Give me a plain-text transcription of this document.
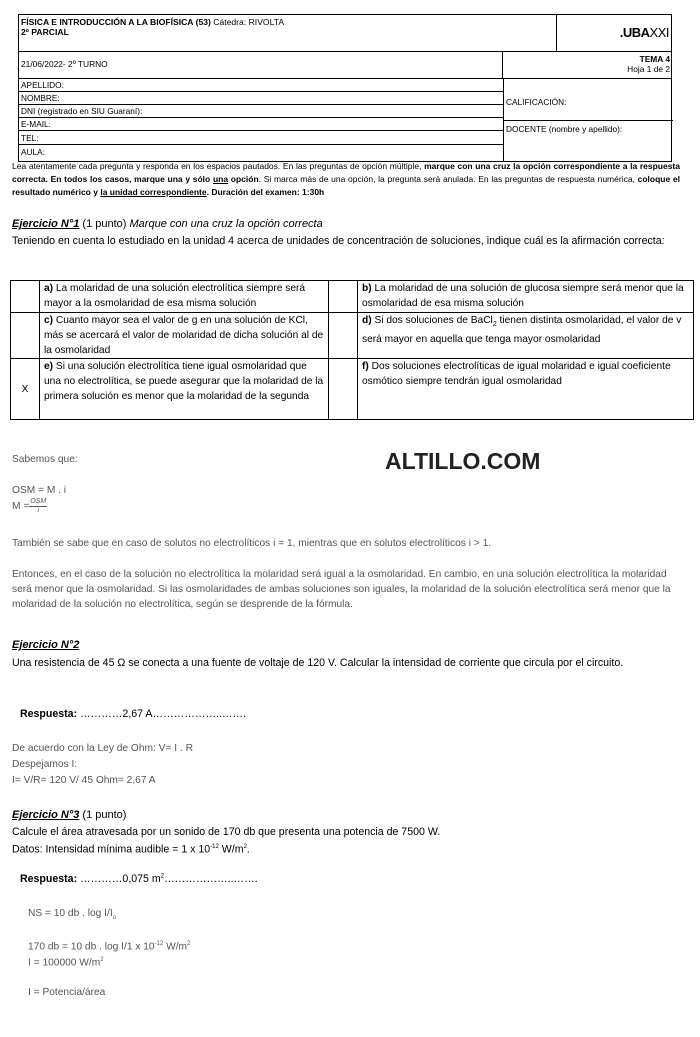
FÍSICA E INTRODUCCIÓN A LA BIOFÍSICA (53) Cátedra: RIVOLTA
2º PARCIAL	.UBAXXI
21/06/2022- 2º TURNO	TEMA 4
Hoja 1 de 2
APELLIDO:
NOMBRE:
DNI (registrado en SIU Guaraní):
E-MAIL:
TEL:
AULA:
CALIFICACIÓN:
DOCENTE (nombre y apellido):
Lea atentamente cada pregunta y responda en los espacios pautados. En las preguntas de opción múltiple, marque con una cruz la opción correspondiente a la respuesta correcta. En todos los casos, marque una y sólo una opción. Si marca más de una opción, la pregunta será anulada. En las preguntas de respuesta numérica, coloque el resultado numérico y la unidad correspondiente. Duración del examen: 1:30h
Ejercicio N°1 (1 punto) Marque con una cruz la opción correcta
Teniendo en cuenta lo estudiado en la unidad 4 acerca de unidades de concentración de soluciones, indique cuál es la afirmación correcta:
	a) La molaridad de una solución electrolítica siempre será mayor a la osmolaridad de esa misma solución		b) La molaridad de una solución de glucosa siempre será menor que la osmolaridad de esa misma solución
	c) Cuanto mayor sea el valor de g en una solución de KCl, más se acercará el valor de molaridad de dicha solución al de la osmolaridad		d) Si dos soluciones de BaCl$_2$ tienen distinta osmolaridad, el valor de v será mayor en aquella que tenga mayor osmolaridad
X	e) Si una solución electrolítica tiene igual osmolaridad que una no electrolítica, se puede asegurar que la molaridad de la primera solución es menor que la molaridad de la segunda		f) Dos soluciones electrolíticas de igual molaridad e igual coeficiente osmótico siempre tendrán igual osmolaridad
Sabemos que:	ALTILLO.COM
OSM = M . i
$M = \frac{\text{OSM}}{i}$
También se sabe que en caso de solutos no electrolíticos i = 1, mientras que en solutos electrolíticos i > 1.
Entonces, en el caso de la solución no electrolítica la molaridad será igual a la osmolaridad. En cambio, en una solución electrolítica la molaridad será menor que la osmolaridad. Si las osmolaridades de ambas soluciones son iguales, la molaridad de la solución electrolítica será menor que la molaridad de la solución no electrolítica, según se desprende de la fórmula.
Ejercicio N°2
Una resistencia de 45 Ω se conecta a una fuente de voltaje de 120 V. Calcular la intensidad de corriente que circula por el circuito.
Respuesta: …………2,67 A………………..…….
De acuerdo con la Ley de Ohm: V= I . R
Despejamos I:
I= V/R= 120 V/ 45 Ohm= 2,67 A
Ejercicio N°3 (1 punto)
Calcule el área atravesada por un sonido de 170 db que presenta una potencia de 7500 W.
Datos: Intensidad mínima audible = 1 x $10^{-12}$ $W/m^2$.
Respuesta: …………0,075 $m^2\dots\dots\dots\dots\dots\dots..\dots\dots$.
NS = 10 db . $\log I/I_o$
170 db = 10 db . log I/1 x $10^{-12}$ $W/m^2$
I = 100000 $W/m^2$
I = Potencia/área
